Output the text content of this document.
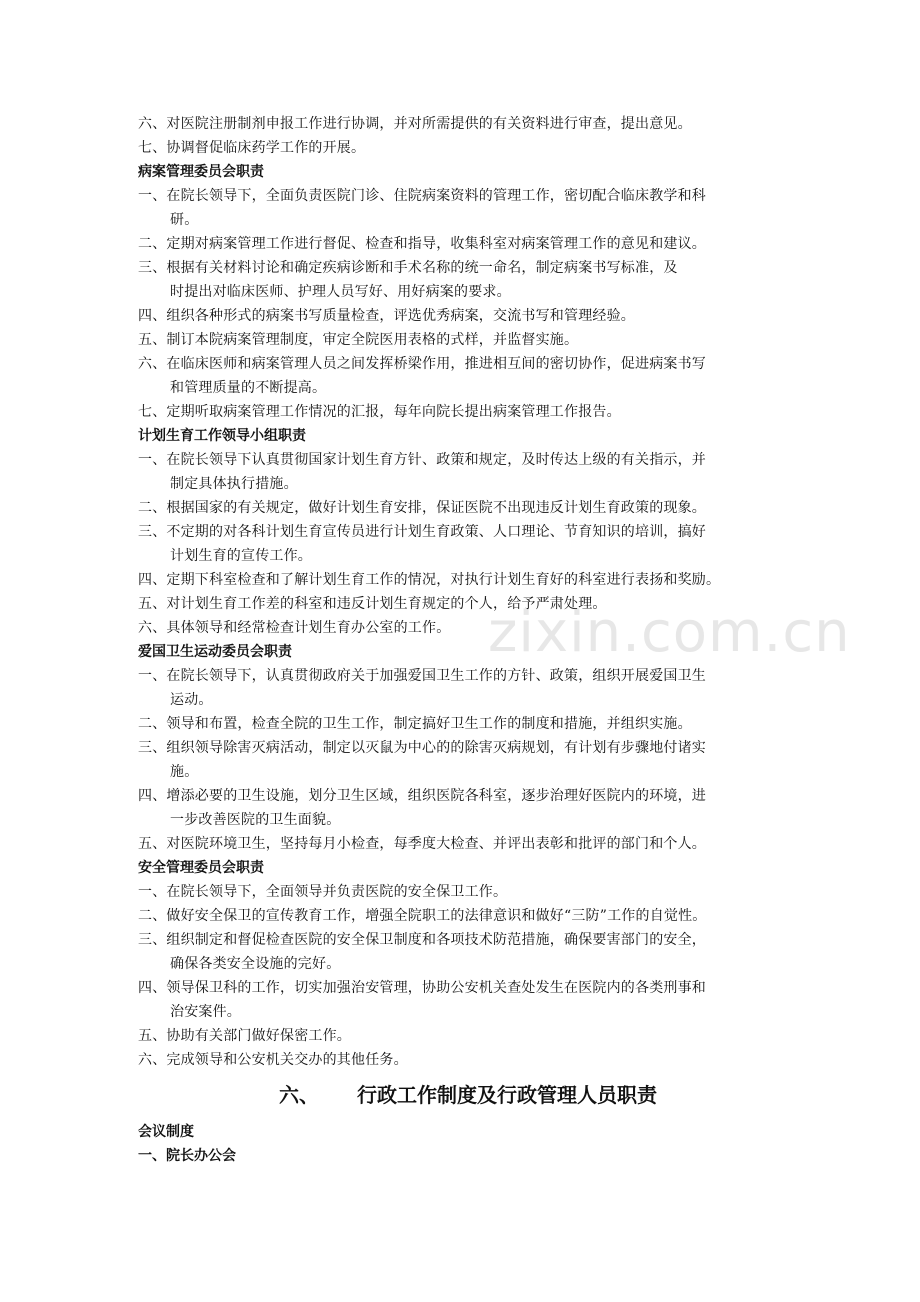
六、对医院注册制剂申报工作进行协调，并对所需提供的有关资料进行审查，提出意见。
七、协调督促临床药学工作的开展。
病案管理委员会职责
一、在院长领导下，全面负责医院门诊、住院病案资料的管理工作，密切配合临床教学和科
研。
二、定期对病案管理工作进行督促、检查和指导，收集科室对病案管理工作的意见和建议。
三、根据有关材料讨论和确定疾病诊断和手术名称的统一命名，制定病案书写标准，及
时提出对临床医师、护理人员写好、用好病案的要求。
四、组织各种形式的病案书写质量检查，评选优秀病案，交流书写和管理经验。
五、制订本院病案管理制度，审定全院医用表格的式样，并监督实施。
六、在临床医师和病案管理人员之间发挥桥梁作用，推进相互间的密切协作，促进病案书写
和管理质量的不断提高。
七、定期听取病案管理工作情况的汇报，每年向院长提出病案管理工作报告。
计划生育工作领导小组职责
一、在院长领导下认真贯彻国家计划生育方针、政策和规定，及时传达上级的有关指示，并
制定具体执行措施。
二、根据国家的有关规定，做好计划生育安排，保证医院不出现违反计划生育政策的现象。
三、不定期的对各科计划生育宣传员进行计划生育政策、人口理论、节育知识的培训，搞好
计划生育的宣传工作。
四、定期下科室检查和了解计划生育工作的情况，对执行计划生育好的科室进行表扬和奖励。
五、对计划生育工作差的科室和违反计划生育规定的个人，给予严肃处理。
六、具体领导和经常检查计划生育办公室的工作。
爱国卫生运动委员会职责
一、在院长领导下，认真贯彻政府关于加强爱国卫生工作的方针、政策，组织开展爱国卫生
运动。
二、领导和布置，检查全院的卫生工作，制定搞好卫生工作的制度和措施，并组织实施。
三、组织领导除害灭病活动，制定以灭鼠为中心的的除害灭病规划，有计划有步骤地付诸实
施。
四、增添必要的卫生设施，划分卫生区域，组织医院各科室，逐步治理好医院内的环境，进
一步改善医院的卫生面貌。
五、对医院环境卫生，坚持每月小检查，每季度大检查、并评出表彰和批评的部门和个人。
安全管理委员会职责
一、在院长领导下，全面领导并负责医院的安全保卫工作。
二、做好安全保卫的宣传教育工作，增强全院职工的法律意识和做好“三防”工作的自觉性。
三、组织制定和督促检查医院的安全保卫制度和各项技术防范措施，确保要害部门的安全，
确保各类安全设施的完好。
四、领导保卫科的工作，切实加强治安管理，协助公安机关查处发生在医院内的各类刑事和
治安案件。
五、协助有关部门做好保密工作。
六、完成领导和公安机关交办的其他任务。
六、 行政工作制度及行政管理人员职责
会议制度
一、院长办公会
zixin.com.cn
